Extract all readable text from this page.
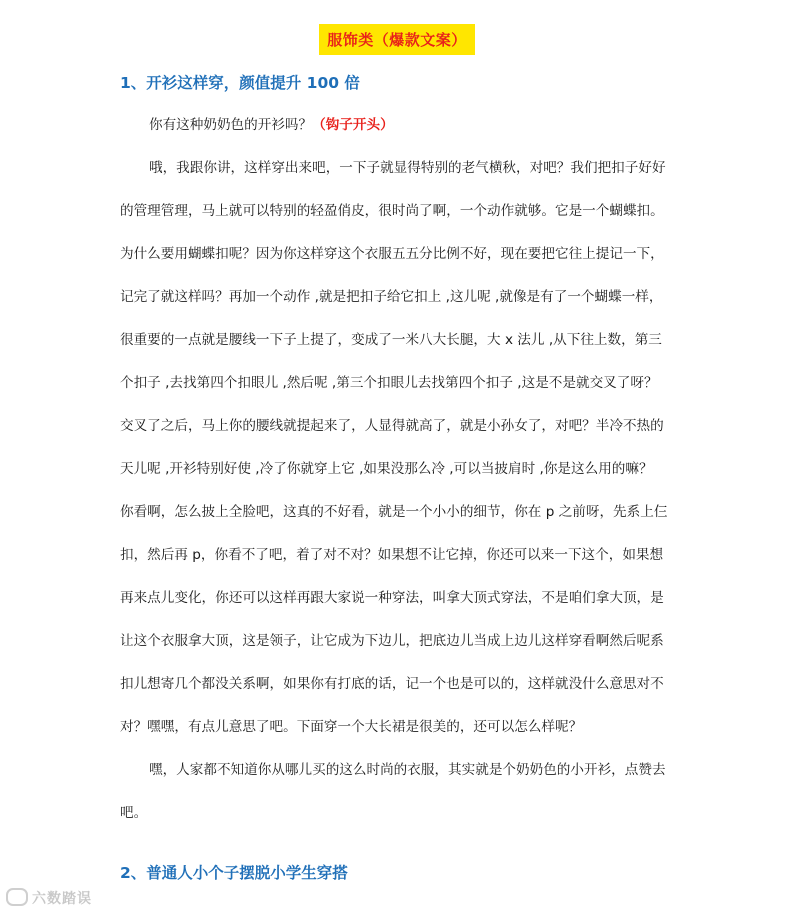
服饰类（爆款文案）
1、开衫这样穿，颜值提升 100 倍
你有这种奶奶色的开衫吗？（钩子开头）
哦，我跟你讲，这样穿出来吧，一下子就显得特别的老气横秋，对吧？我们把扣子好好
的管理管理，马上就可以特别的轻盈俏皮，很时尚了啊，一个动作就够。它是一个蝴蝶扣。
为什么要用蝴蝶扣呢？因为你这样穿这个衣服五五分比例不好，现在要把它往上提记一下，
记完了就这样吗？再加一个动作 ,就是把扣子给它扣上 ,这儿呢 ,就像是有了一个蝴蝶一样，
很重要的一点就是腰线一下子上提了，变成了一米八大长腿，大 x 法儿 ,从下往上数，第三
个扣子 ,去找第四个扣眼儿 ,然后呢 ,第三个扣眼儿去找第四个扣子 ,这是不是就交叉了呀？
交叉了之后，马上你的腰线就提起来了，人显得就高了，就是小孙女了，对吧？半冷不热的
天儿呢 ,开衫特别好使 ,冷了你就穿上它 ,如果没那么冷 ,可以当披肩时 ,你是这么用的嘛？
你看啊，怎么披上全脸吧，这真的不好看，就是一个小小的细节，你在 p 之前呀，先系上仨
扣，然后再 p，你看不了吧，着了对不对？如果想不让它掉，你还可以来一下这个，如果想
再来点儿变化，你还可以这样再跟大家说一种穿法，叫拿大顶式穿法，不是咱们拿大顶，是
让这个衣服拿大顶，这是领子，让它成为下边儿，把底边儿当成上边儿这样穿看啊然后呢系
扣儿想寄几个都没关系啊，如果你有打底的话，记一个也是可以的，这样就没什么意思对不
对？嘿嘿，有点儿意思了吧。下面穿一个大长裙是很美的，还可以怎么样呢？
嘿，人家都不知道你从哪儿买的这么时尚的衣服，其实就是个奶奶色的小开衫，点赞去
吧。
2、普通人小个子摆脱小学生穿搭
六数踏误
